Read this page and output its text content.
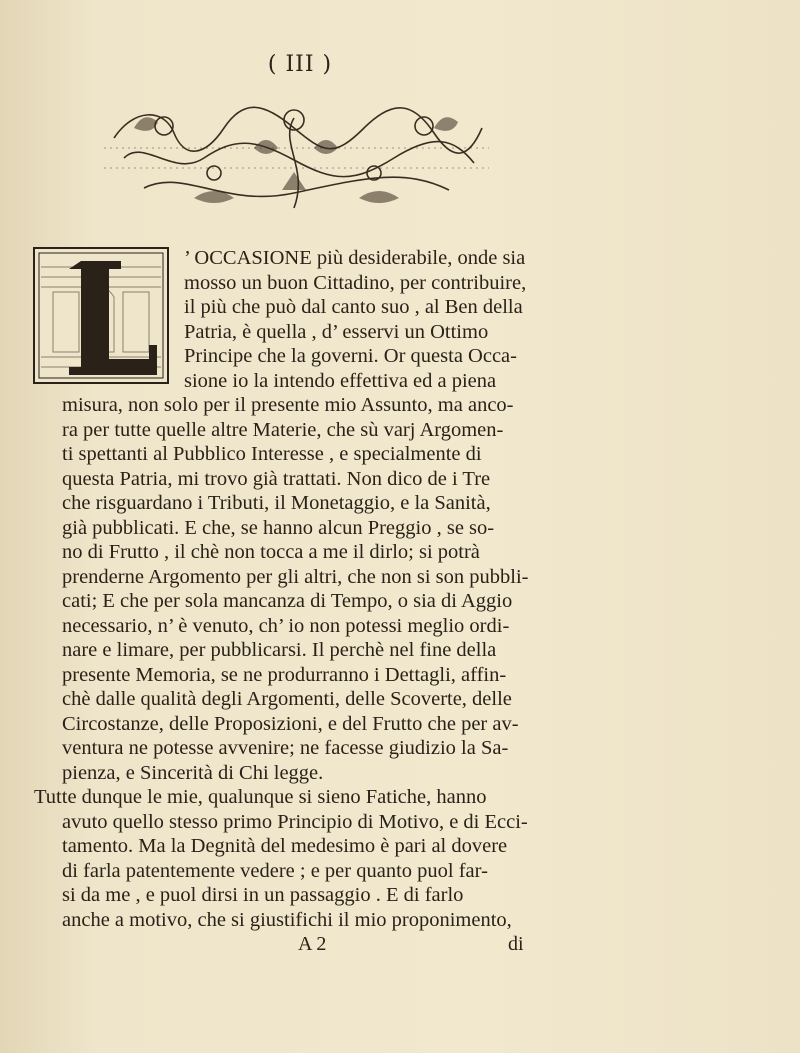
( III )
’ OCCASIONE più desiderabile, onde sia
mosso un buon Cittadino, per contribuire,
il più che può dal canto suo , al Ben della
Patria, è quella , d’ esservi un Ottimo
Principe che la governi. Or questa Occa-
sione io la intendo effettiva ed a piena
misura, non solo per il presente mio Assunto, ma anco-
ra per tutte quelle altre Materie, che sù varj Argomen-
ti spettanti al Pubblico Interesse , e specialmente di
questa Patria, mi trovo già trattati. Non dico de i Tre
che risguardano i Tributi, il Monetaggio, e la Sanità,
già pubblicati. E che, se hanno alcun Preggio , se so-
no di Frutto , il chè non tocca a me il dirlo; si potrà
prenderne Argomento per gli altri, che non si son pubbli-
cati; E che per sola mancanza di Tempo, o sia di Aggio
necessario, n’ è venuto, ch’ io non potessi meglio ordi-
nare e limare, per pubblicarsi. Il perchè nel fine della
presente Memoria, se ne produrranno i Dettagli, affin-
chè dalle qualità degli Argomenti, delle Scoverte, delle
Circostanze, delle Proposizioni, e del Frutto che per av-
ventura ne potesse avvenire; ne facesse giudizio la Sa-
pienza, e Sincerità di Chi legge.
Tutte dunque le mie, qualunque si sieno Fatiche, hanno
avuto quello stesso primo Principio di Motivo, e di Ecci-
tamento. Ma la Degnità del medesimo è pari al dovere
di farla patentemente vedere ; e per quanto puol far-
si da me , e puol dirsi in un passaggio . E di farlo
anche a motivo, che si giustifichi il mio proponimento,
A 2	di
